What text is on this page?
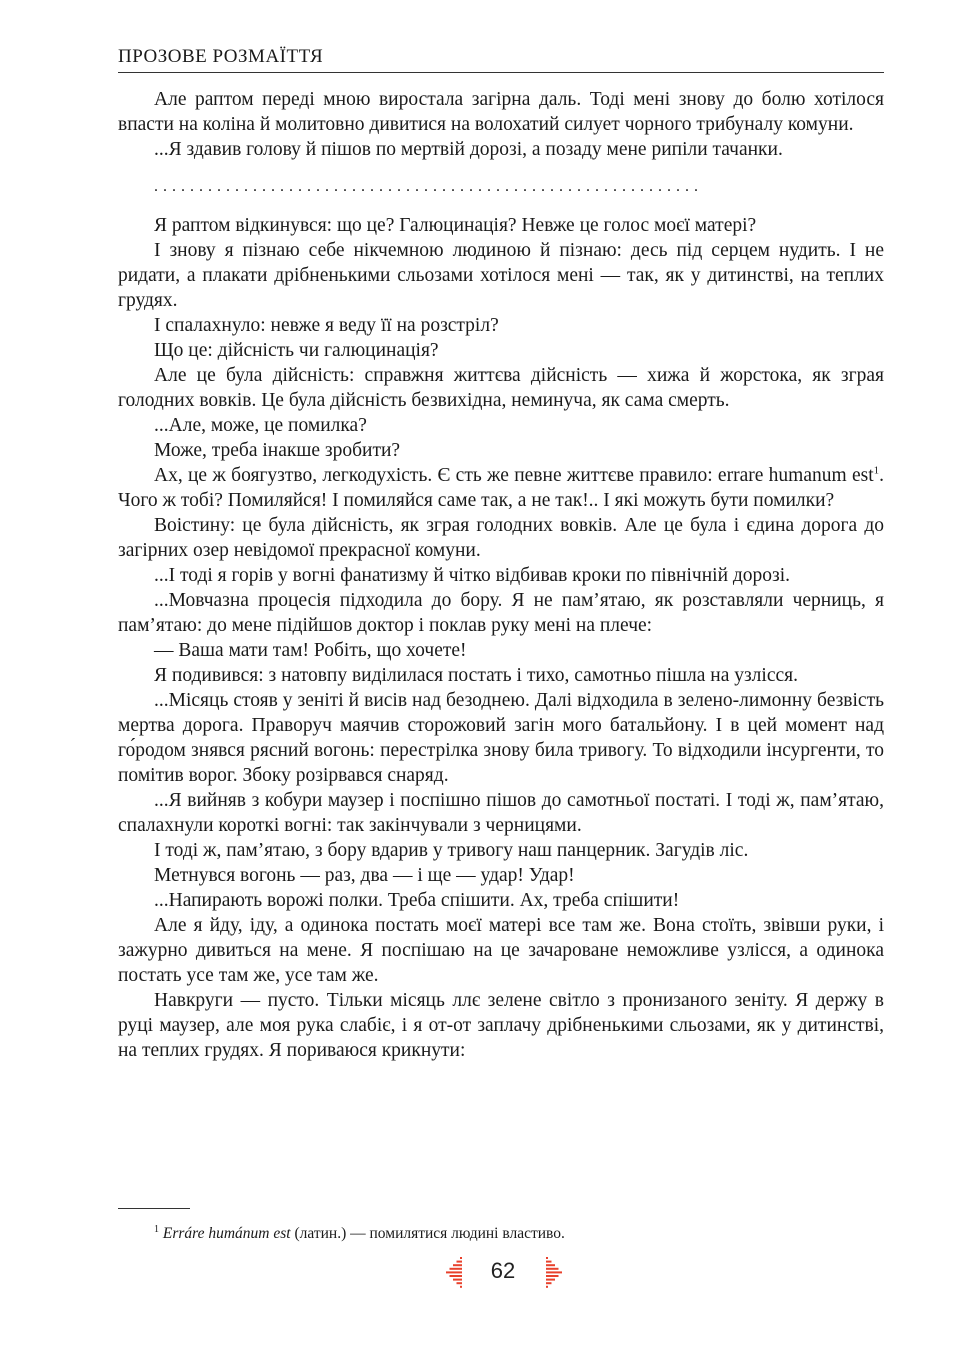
ПРОЗОВЕ РОЗМАЇТТЯ

Але раптом переді мною виростала загірна даль. Тоді мені знову до болю хотілося впасти на коліна й молитовно дивитися на волохатий силует чорного трибуналу комуни.

...Я здавив голову й пішов по мертвій дорозі, а позаду мене рипіли тачанки.

.............................................................

Я раптом відкинувся: що це? Галюцинація? Невже це голос моєї матері?

І знову я пізнаю себе нікчемною людиною й пізнаю: десь під серцем нудить. І не ридати, а плакати дрібненькими сльозами хотілося мені — так, як у дитинстві, на теплих грудях.

І спалахнуло: невже я веду її на розстріл?

Що це: дійсність чи галюцинація?

Але це була дійсність: справжня життєва дійсність — хижа й жорстока, як зграя голодних вовків. Це була дійсність безвихідна, неминуча, як сама смерть.

...Але, може, це помилка?

Може, треба інакше зробити?

Ах, це ж боягузтво, легкодухість. Є сть же певне життєве правило: errare humanum est$^1$. Чого ж тобі? Помиляйся! І помиляйся саме так, а не так!.. І які можуть бути помилки?

Воістину: це була дійсність, як зграя голодних вовків. Але це була і єдина дорога до загірних озер невідомої прекрасної комуни.

...І тоді я горів у вогні фанатизму й чітко відбивав кроки по північній дорозі.

...Мовчазна процесія підходила до бору. Я не пам’ятаю, як розставляли черниць, я пам’ятаю: до мене підійшов доктор і поклав руку мені на плече:

— Ваша мати там! Робіть, що хочете!

Я подивився: з натовпу виділилася постать і тихо, самотньо пішла на узлісся.

...Місяць стояв у зеніті й висів над безоднею. Далі відходила в зелено-лимонну безвість мертва дорога. Праворуч маячив сторожовий загін мого батальйону. І в цей момент над го́родом знявся рясний вогонь: перестрілка знову била тривогу. То відходили інсургенти, то помітив ворог. Збоку розірвався снаряд.

...Я вийняв з кобури маузер і поспішно пішов до самотньої постаті. І тоді ж, пам’ятаю, спалахнули короткі вогні: так закінчували з черницями.

І тоді ж, пам’ятаю, з бору вдарив у тривогу наш панцерник. Загудів ліс.

Метнувся вогонь — раз, два — і ще — удар! Удар!

...Напирають ворожі полки. Треба спішити. Ах, треба спішити!

Але я йду, іду, а одинока постать моєї матері все там же. Вона стоїть, звівши руки, і зажурно дивиться на мене. Я поспішаю на це зачароване неможливе узлісся, а одинока постать усе там же, усе там же.

Навкруги — пусто. Тільки місяць ллє зелене світло з пронизаного зеніту. Я держу в руці маузер, але моя рука слабіє, і я от-от заплачу дрібненькими сльозами, як у дитинстві, на теплих грудях. Я пориваюся крикнути:

$^1$ Erráre humánum est (латин.) — помилятися людині властиво.
62
